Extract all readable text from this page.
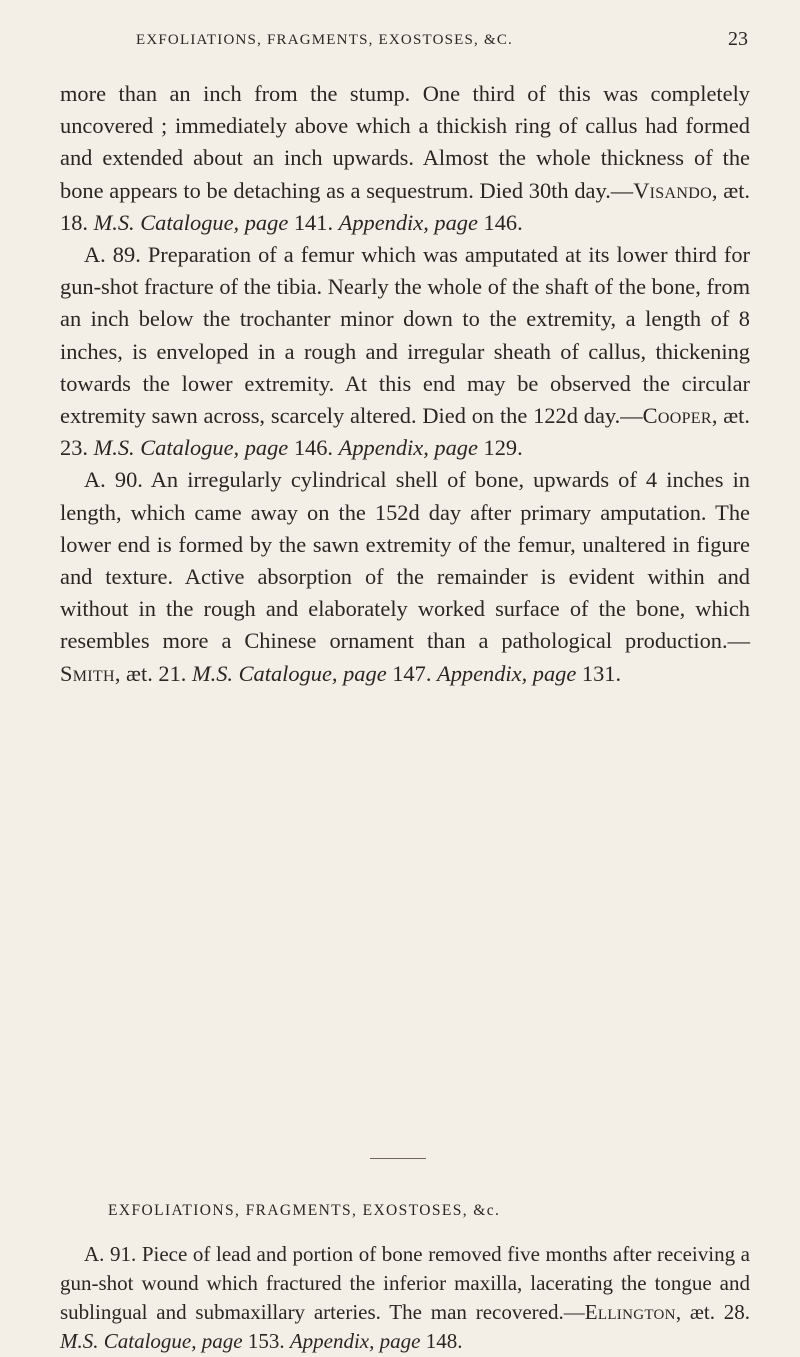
EXFOLIATIONS, FRAGMENTS, EXOSTOSES, &C.	23

more than an inch from the stump. One third of this was completely uncovered ; immediately above which a thickish ring of callus had formed and extended about an inch upwards. Almost the whole thickness of the bone appears to be detaching as a sequestrum. Died 30th day.—Visando, æt. 18. M.S. Catalogue, page 141. Appendix, page 146.

A. 89. Preparation of a femur which was amputated at its lower third for gun-shot fracture of the tibia. Nearly the whole of the shaft of the bone, from an inch below the trochanter minor down to the extremity, a length of 8 inches, is enveloped in a rough and irregular sheath of callus, thickening towards the lower extremity. At this end may be observed the circular extremity sawn across, scarcely altered. Died on the 122d day.—Cooper, æt. 23. M.S. Catalogue, page 146. Appendix, page 129.

A. 90. An irregularly cylindrical shell of bone, upwards of 4 inches in length, which came away on the 152d day after primary amputation. The lower end is formed by the sawn extremity of the femur, unaltered in figure and texture. Active absorption of the remainder is evident within and without in the rough and elaborately worked surface of the bone, which resembles more a Chinese ornament than a pathological production.—Smith, æt. 21. M.S. Catalogue, page 147. Appendix, page 131.

EXFOLIATIONS, FRAGMENTS, EXOSTOSES, &c.

A. 91. Piece of lead and portion of bone removed five months after receiving a gun-shot wound which fractured the inferior maxilla, lacerating the tongue and sublingual and submaxillary arteries. The man recovered.—Ellington, æt. 28. M.S. Catalogue, page 153. Appendix, page 148.
